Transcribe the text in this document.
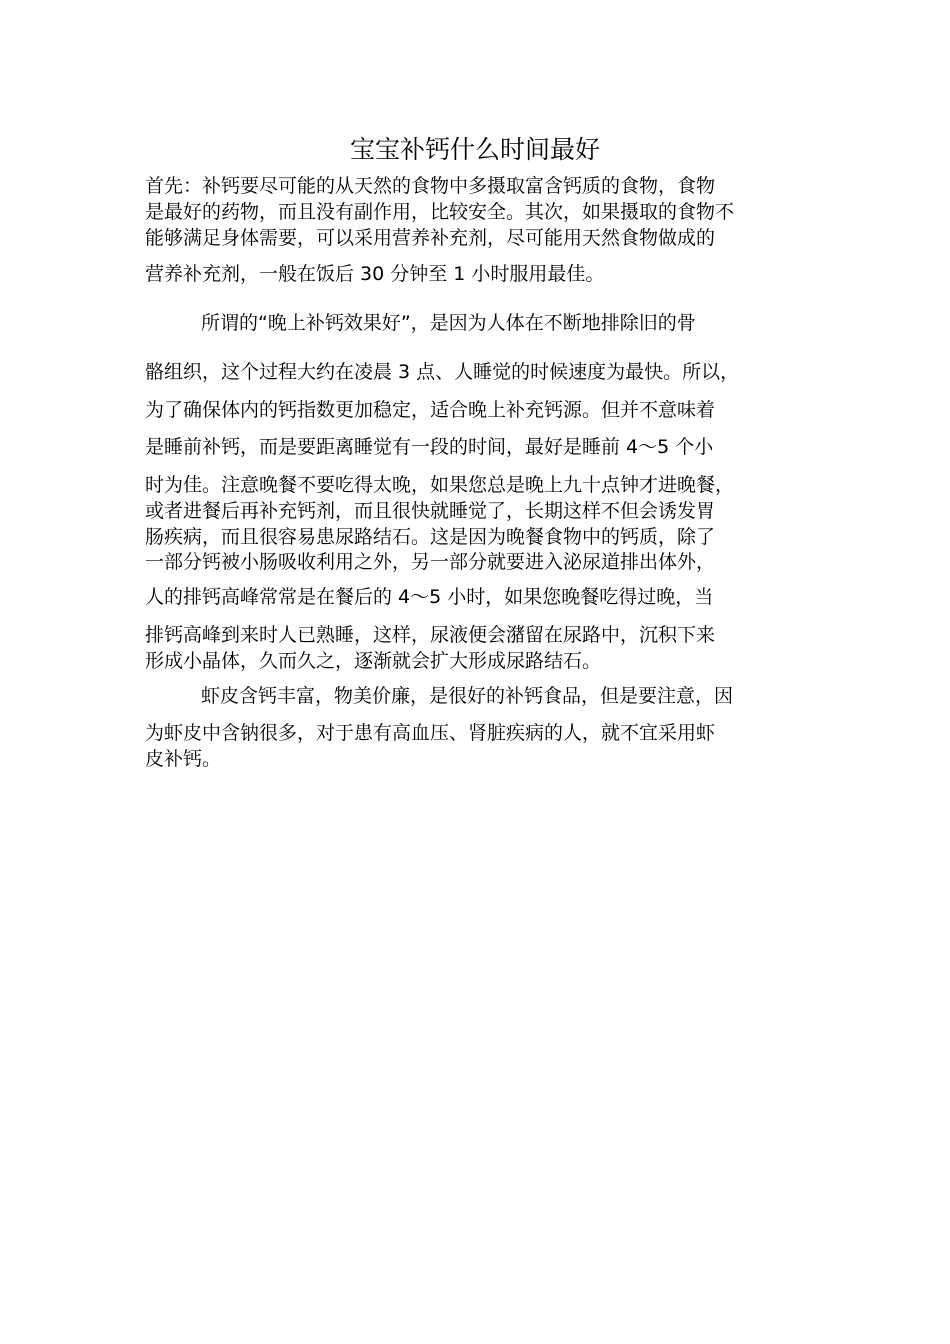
宝宝补钙什么时间最好
首先：补钙要尽可能的从天然的食物中多摄取富含钙质的食物，食物
是最好的药物，而且没有副作用，比较安全。其次，如果摄取的食物不
能够满足身体需要，可以采用营养补充剂，尽可能用天然食物做成的
营养补充剂，一般在饭后 30 分钟至 1 小时服用最佳。
所谓的“晚上补钙效果好”，是因为人体在不断地排除旧的骨
骼组织，这个过程大约在凌晨 3 点、人睡觉的时候速度为最快。所以，
为了确保体内的钙指数更加稳定，适合晚上补充钙源。但并不意味着
是睡前补钙，而是要距离睡觉有一段的时间，最好是睡前 4～5 个小
时为佳。注意晚餐不要吃得太晚，如果您总是晚上九十点钟才进晚餐，
或者进餐后再补充钙剂，而且很快就睡觉了，长期这样不但会诱发胃
肠疾病，而且很容易患尿路结石。这是因为晚餐食物中的钙质，除了
一部分钙被小肠吸收利用之外，另一部分就要进入泌尿道排出体外，
人的排钙高峰常常是在餐后的 4～5 小时，如果您晚餐吃得过晚，当
排钙高峰到来时人已熟睡，这样，尿液便会潴留在尿路中，沉积下来
形成小晶体，久而久之，逐渐就会扩大形成尿路结石。
虾皮含钙丰富，物美价廉，是很好的补钙食品，但是要注意，因
为虾皮中含钠很多，对于患有高血压、肾脏疾病的人，就不宜采用虾
皮补钙。
